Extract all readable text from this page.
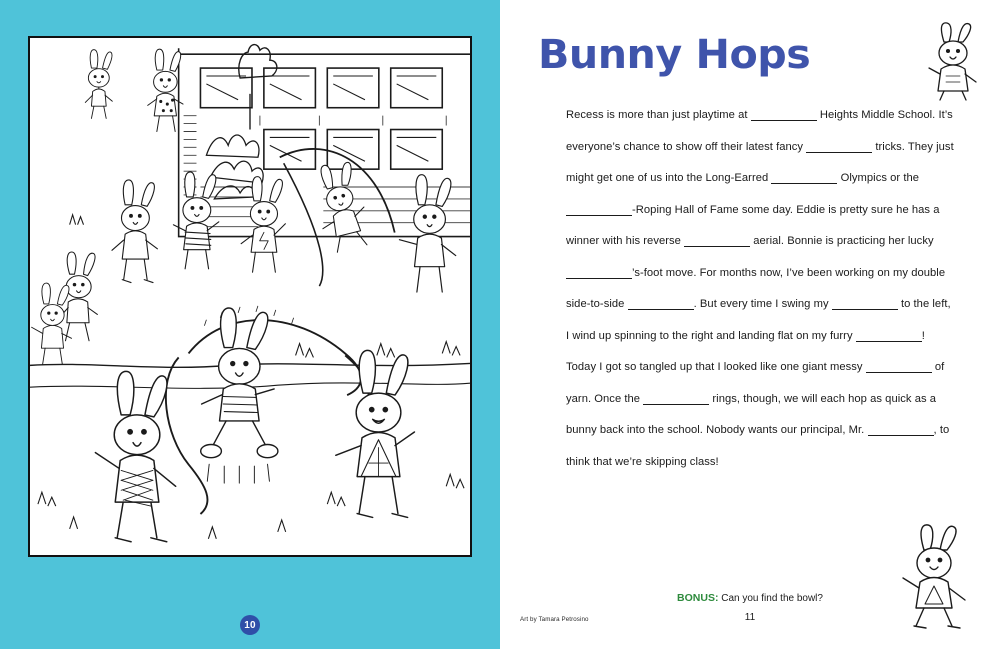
10
Bunny Hops
Recess is more than just playtime at	Heights Middle School. It’s everyone’s chance to show off their latest fancy	tricks. They just might get one of us into the Long-Earred	Olympics or the -Roping Hall of Fame some day. Eddie is pretty sure he has a winner with his reverse	aerial. Bonnie is practicing her lucky ’s-foot move. For months now, I’ve been working on my double side-to-side	. But every time I swing my	to the left, I wind up spinning to the right and landing flat on my furry	! Today I got so tangled up that I looked like one giant messy	of yarn. Once the	rings, though, we will each hop as quick as a bunny back into the school. Nobody wants our principal, Mr.	, to think that we’re skipping class!
BONUS: Can you find the bowl?
Art by Tamara Petrosino	11
